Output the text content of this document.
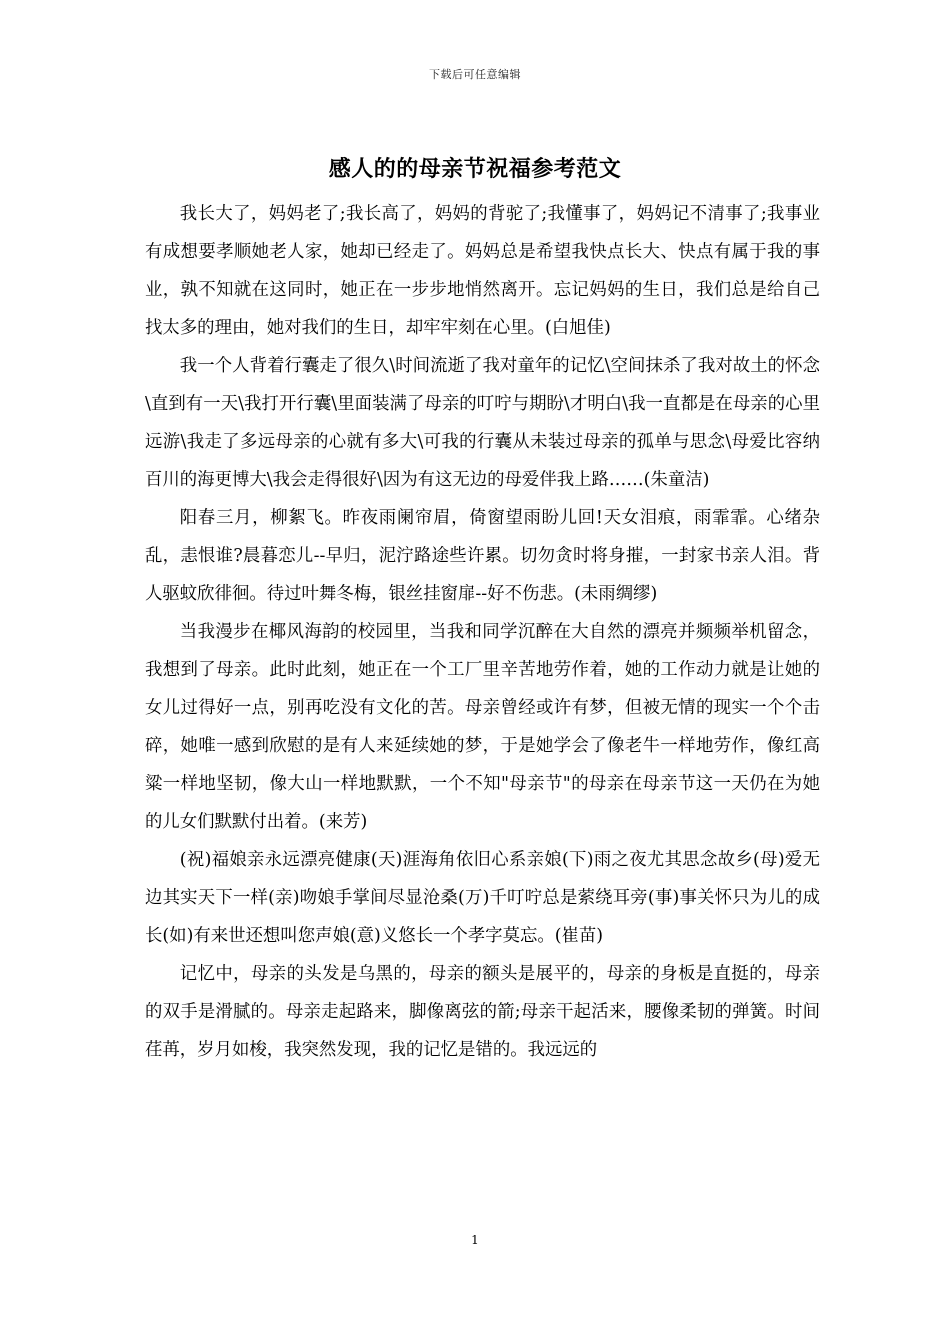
下载后可任意编辑
感人的的母亲节祝福参考范文

我长大了，妈妈老了;我长高了，妈妈的背驼了;我懂事了，妈妈记不清事了;我事业有成想要孝顺她老人家，她却已经走了。妈妈总是希望我快点长大、快点有属于我的事业，孰不知就在这同时，她正在一步步地悄然离开。忘记妈妈的生日，我们总是给自己找太多的理由，她对我们的生日，却牢牢刻在心里。(白旭佳)

我一个人背着行囊走了很久\时间流逝了我对童年的记忆\空间抹杀了我对故土的怀念\直到有一天\我打开行囊\里面装满了母亲的叮咛与期盼\才明白\我一直都是在母亲的心里远游\我走了多远母亲的心就有多大\可我的行囊从未装过母亲的孤单与思念\母爱比容纳百川的海更博大\我会走得很好\因为有这无边的母爱伴我上路……(朱童洁)

阳春三月，柳絮飞。昨夜雨阑帘眉，倚窗望雨盼儿回!天女泪痕，雨霏霏。心绪杂乱，恚恨谁?晨暮恋儿--早归，泥泞路途些许累。切勿贪时将身摧，一封家书亲人泪。背人驱蚊欣徘徊。待过叶舞冬梅，银丝挂窗扉--好不伤悲。(未雨绸缪)

当我漫步在椰风海韵的校园里，当我和同学沉醉在大自然的漂亮并频频举机留念，我想到了母亲。此时此刻，她正在一个工厂里辛苦地劳作着，她的工作动力就是让她的女儿过得好一点，别再吃没有文化的苦。母亲曾经或许有梦，但被无情的现实一个个击碎，她唯一感到欣慰的是有人来延续她的梦，于是她学会了像老牛一样地劳作，像红高粱一样地坚韧，像大山一样地默默，一个不知"母亲节"的母亲在母亲节这一天仍在为她的儿女们默默付出着。(来芳)

(祝)福娘亲永远漂亮健康(天)涯海角依旧心系亲娘(下)雨之夜尤其思念故乡(母)爱无边其实天下一样(亲)吻娘手掌间尽显沧桑(万)千叮咛总是萦绕耳旁(事)事关怀只为儿的成长(如)有来世还想叫您声娘(意)义悠长一个孝字莫忘。(崔苗)

记忆中，母亲的头发是乌黑的，母亲的额头是展平的，母亲的身板是直挺的，母亲的双手是滑腻的。母亲走起路来，脚像离弦的箭;母亲干起活来，腰像柔韧的弹簧。时间荏苒，岁月如梭，我突然发现，我的记忆是错的。我远远的

1
